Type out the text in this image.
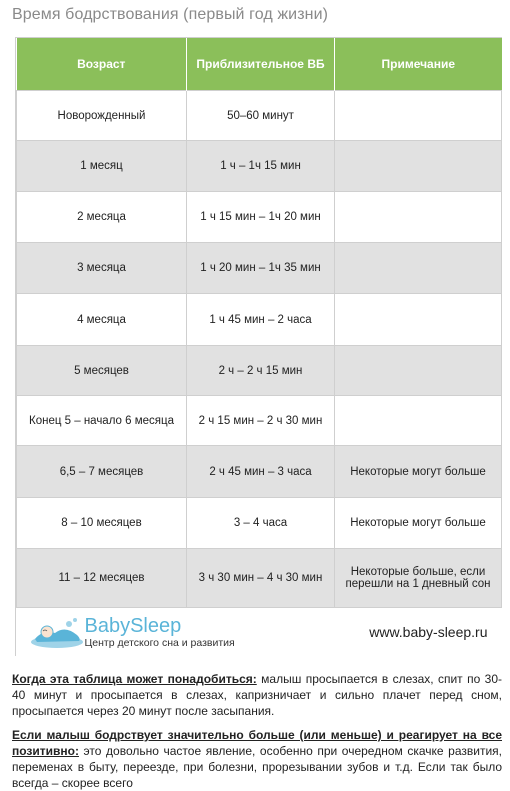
Время бодрствования (первый год жизни)
Возраст	Приблизительное ВБ	Примечание
Новорожденный	50–60 минут	
1 месяц	1 ч – 1ч 15 мин	
2 месяца	1 ч 15 мин – 1ч 20 мин	
3 месяца	1 ч 20 мин – 1ч 35 мин	
4 месяца	1 ч 45 мин – 2 часа	
5 месяцев	2 ч – 2 ч 15 мин	
Конец 5 – начало 6 месяца	2 ч 15 мин – 2 ч 30 мин	
6,5 – 7 месяцев	2 ч 45 мин – 3 часа	Некоторые могут больше
8 – 10 месяцев	3 – 4 часа	Некоторые могут больше
11 – 12 месяцев	3 ч 30 мин – 4 ч 30 мин	Некоторые больше, если перешли на 1 дневный сон

BabySleep
Центр детского сна и развития		www.baby-sleep.ru
Когда эта таблица может понадобиться: малыш просыпается в слезах, спит по 30-40 минут и просыпается в слезах, капризничает и сильно плачет перед сном, просыпается через 20 минут после засыпания.
Если малыш бодрствует значительно больше (или меньше) и реагирует на все позитивно: это довольно частое явление, особенно при очередном скачке развития, переменах в быту, переезде, при болезни, прорезывании зубов и т.д. Если так было всегда – скорее всего
